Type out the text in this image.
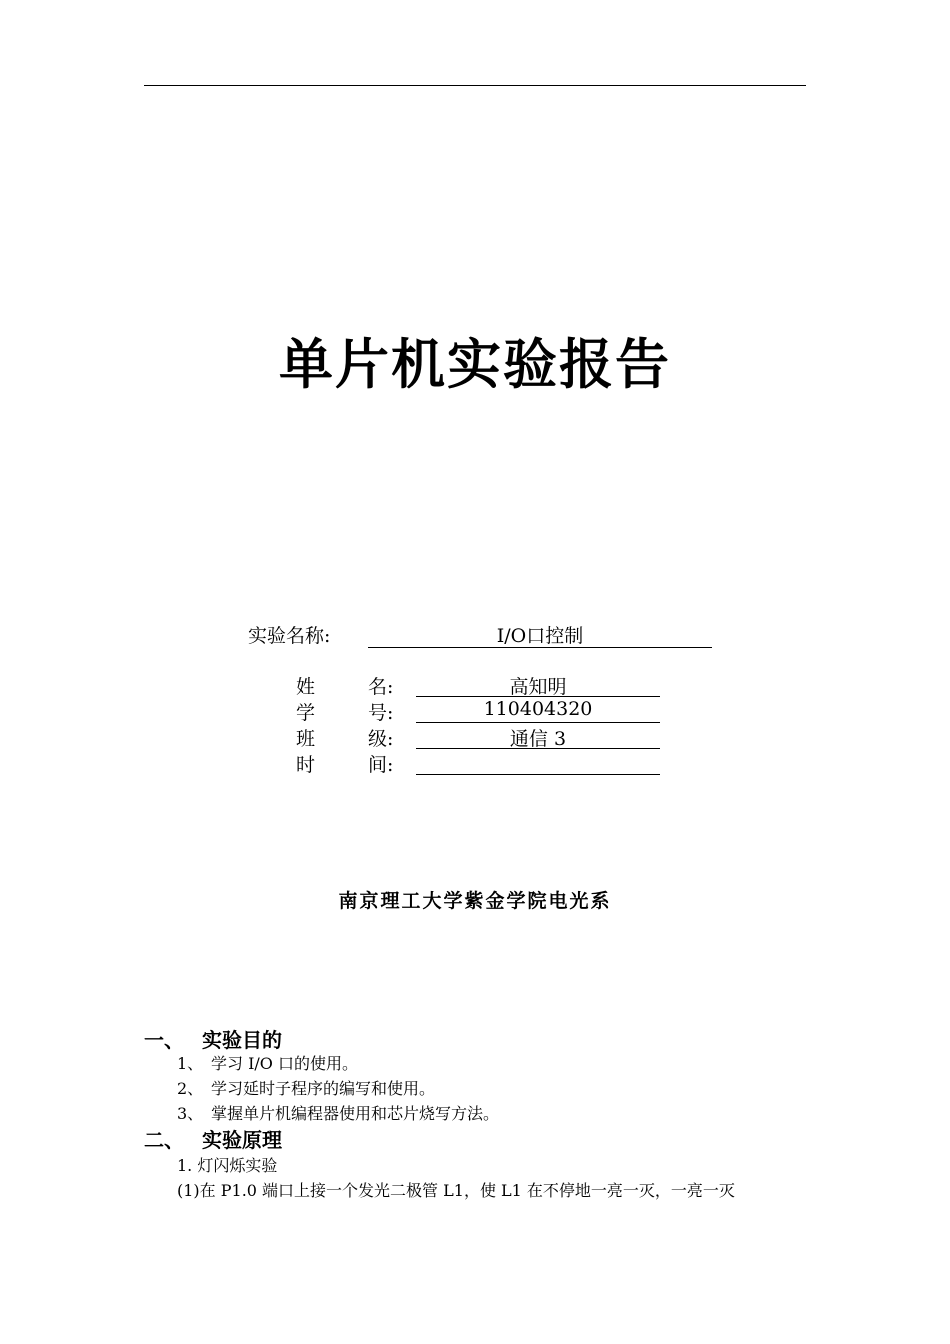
单片机实验报告
实验名称:	I/O口控制
姓	名:	高知明
学	号:	110404320
班	级:	通信 3
时	间:
南京理工大学紫金学院电光系
一、 实验目的
1、 学习 I/O 口的使用。
2、 学习延时子程序的编写和使用。
3、 掌握单片机编程器使用和芯片烧写方法。
二、 实验原理
1. 灯闪烁实验
(1)在 P1.0 端口上接一个发光二极管 L1，使 L1 在不停地一亮一灭，一亮一灭
